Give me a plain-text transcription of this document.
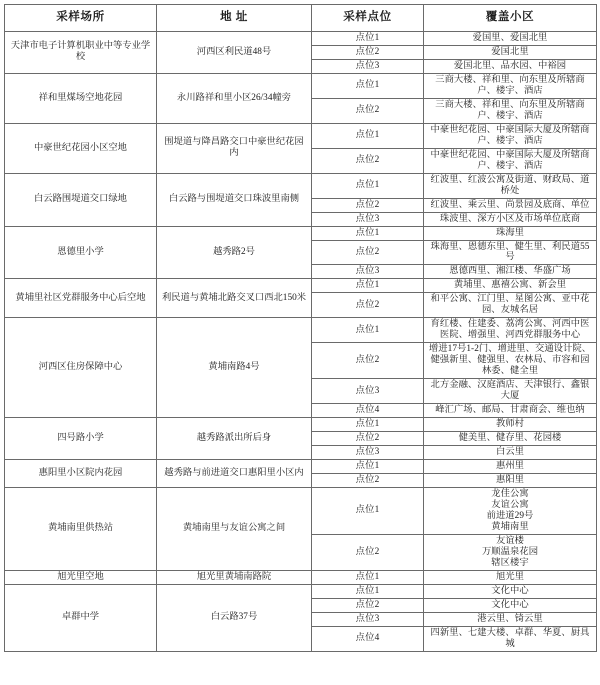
采样场所	地 址	采样点位	覆盖小区
天津市电子计算机职业中等专业学校	河西区利民道48号	点位1	爱国里、爱国北里
		点位2	爱国北里
		点位3	爱国北里、品水园、中裕园
祥和里煤场空地花园	永川路祥和里小区26/34幢旁	点位1	三商大楼、祥和里、向东里及所辖商户、楼宇、酒店
		点位2	三商大楼、祥和里、向东里及所辖商户、楼宇、酒店
中豪世纪花园小区空地	围堤道与降昌路交口中豪世纪花园内	点位1	中豪世纪花园、中豪国际大厦及所辖商户、楼宇、酒店
		点位2	中豪世纪花园、中豪国际大厦及所辖商户、楼宇、酒店
白云路围堤道交口绿地	白云路与围堤道交口珠波里南侧	点位1	红波里、红波公寓及街道、财政局、道桥处
		点位2	红波里、乘云里、尚景园及底商、单位
		点位3	珠波里、深方小区及市场单位底商
恩德里小学	越秀路2号	点位1	珠海里
		点位2	珠海里、恩德东里、健生里、利民道55号
		点位3	恩德西里、湘江楼、华盛广场
黄埔里社区党群服务中心后空地	利民道与黄埔北路交叉口西北150米	点位1	黄埔里、惠禧公寓、新会里
		点位2	和平公寓、江门里、星图公寓、亚中花园、友城名居
河西区住房保障中心	黄埔南路4号	点位1	育红楼、住建委、荔湾公寓、河西中医医院、增强里、河西党群服务中心
		点位2	增进17号1-2门、增进里、交通设计院、健强新里、健强里、农林局、市容和园林委、健全里
		点位3	北方金融、汉庭酒店、天津银行、鑫银大厦
		点位4	峰汇广场、邮局、甘肃商会、维也纳
四号路小学	越秀路派出所后身	点位1	教师村
		点位2	健美里、健存里、花园楼
		点位3	白云里
惠阳里小区院内花园	越秀路与前进道交口惠阳里小区内	点位1	惠州里
		点位2	惠阳里
黄埔南里供热站	黄埔南里与友谊公寓之间	点位1	龙佳公寓
友谊公寓
前进道29号
黄埔南里

		点位2	友谊楼
万顺温泉花园
辖区楼宇

旭光里空地	旭光里黄埔南路院	点位1	旭光里
卓群中学	白云路37号	点位1	文化中心
		点位2	文化中心
		点位3	港云里、锜云里
		点位4	四新里、七建大楼、卓群、华夏、厨具城
